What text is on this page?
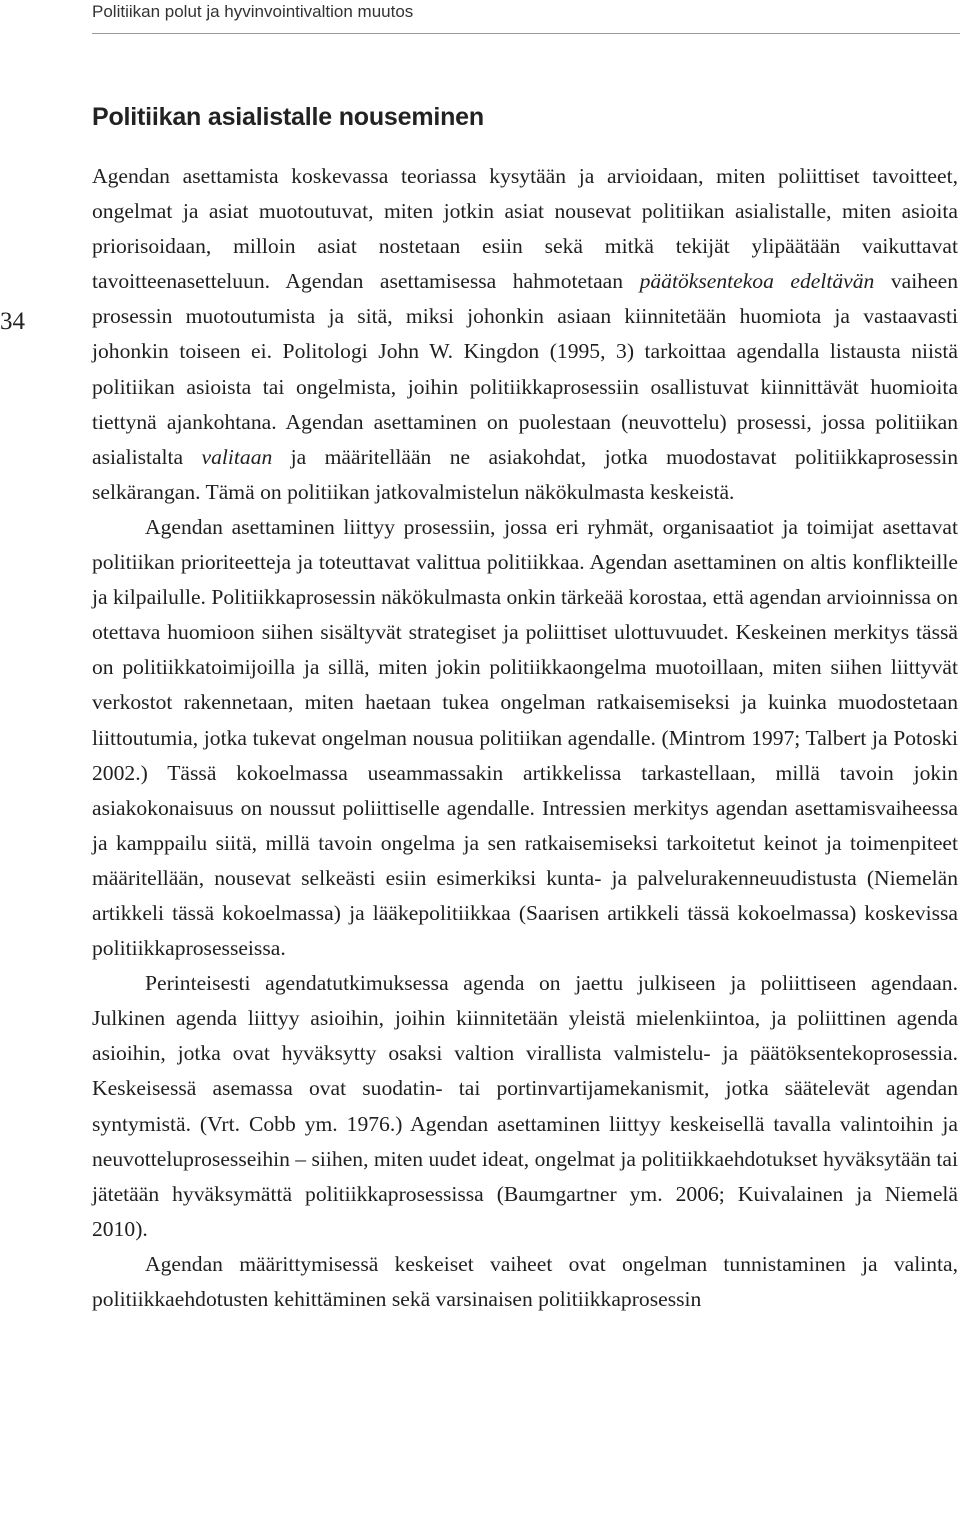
Politiikan polut ja hyvinvointivaltion muutos
34
Politiikan asialistalle nouseminen

Agendan asettamista koskevassa teoriassa kysytään ja arvioidaan, miten poliittiset tavoitteet, ongelmat ja asiat muotoutuvat, miten jotkin asiat nousevat politiikan asialistalle, miten asioita priorisoidaan, milloin asiat nostetaan esiin sekä mitkä tekijät ylipäätään vaikuttavat tavoitteenasetteluun. Agendan asettamisessa hahmotetaan päätöksentekoa edeltävän vaiheen prosessin muotoutumista ja sitä, miksi johonkin asiaan kiinnitetään huomiota ja vastaavasti johonkin toiseen ei. Politologi John W. Kingdon (1995, 3) tarkoittaa agendalla listausta niistä politiikan asioista tai ongelmista, joihin politiikkaprosessiin osallistuvat kiinnittävät huomioita tiettynä ajankohtana. Agendan asettaminen on puolestaan (neuvottelu) prosessi, jossa politiikan asialistalta valitaan ja määritellään ne asiakohdat, jotka muodostavat politiikkaprosessin selkärangan. Tämä on politiikan jatkovalmistelun näkökulmasta keskeistä.

Agendan asettaminen liittyy prosessiin, jossa eri ryhmät, organisaatiot ja toimijat asettavat politiikan prioriteetteja ja toteuttavat valittua politiikkaa. Agendan asettaminen on altis konflikteille ja kilpailulle. Politiikkaprosessin näkökulmasta onkin tärkeää korostaa, että agendan arvioinnissa on otettava huomioon siihen sisältyvät strategiset ja poliittiset ulottuvuudet. Keskeinen merkitys tässä on politiikkatoimijoilla ja sillä, miten jokin politiikkaongelma muotoillaan, miten siihen liittyvät verkostot rakennetaan, miten haetaan tukea ongelman ratkaisemiseksi ja kuinka muodostetaan liittoutumia, jotka tukevat ongelman nousua politiikan agendalle. (Mintrom 1997; Talbert ja Potoski 2002.) Tässä kokoelmassa useammassakin artikkelissa tarkastellaan, millä tavoin jokin asiakokonaisuus on noussut poliittiselle agendalle. Intressien merkitys agendan asettamisvaiheessa ja kamppailu siitä, millä tavoin ongelma ja sen ratkaisemiseksi tarkoitetut keinot ja toimenpiteet määritellään, nousevat selkeästi esiin esimerkiksi kunta- ja palvelurakenneuudistusta (Niemelän artikkeli tässä kokoelmassa) ja lääkepolitiikkaa (Saarisen artikkeli tässä kokoelmassa) koskevissa politiikkaprosesseissa.

Perinteisesti agendatutkimuksessa agenda on jaettu julkiseen ja poliittiseen agendaan. Julkinen agenda liittyy asioihin, joihin kiinnitetään yleistä mielenkiintoa, ja poliittinen agenda asioihin, jotka ovat hyväksytty osaksi valtion virallista valmistelu- ja päätöksentekoprosessia. Keskeisessä asemassa ovat suodatin- tai portinvartijamekanismit, jotka säätelevät agendan syntymistä. (Vrt. Cobb ym. 1976.) Agendan asettaminen liittyy keskeisellä tavalla valintoihin ja neuvotteluprosesseihin – siihen, miten uudet ideat, ongelmat ja politiikkaehdotukset hyväksytään tai jätetään hyväksymättä politiikkaprosessissa (Baumgartner ym. 2006; Kuivalainen ja Niemelä 2010).

Agendan määrittymisessä keskeiset vaiheet ovat ongelman tunnistaminen ja valinta, politiikkaehdotusten kehittäminen sekä varsinaisen politiikkaprosessin
